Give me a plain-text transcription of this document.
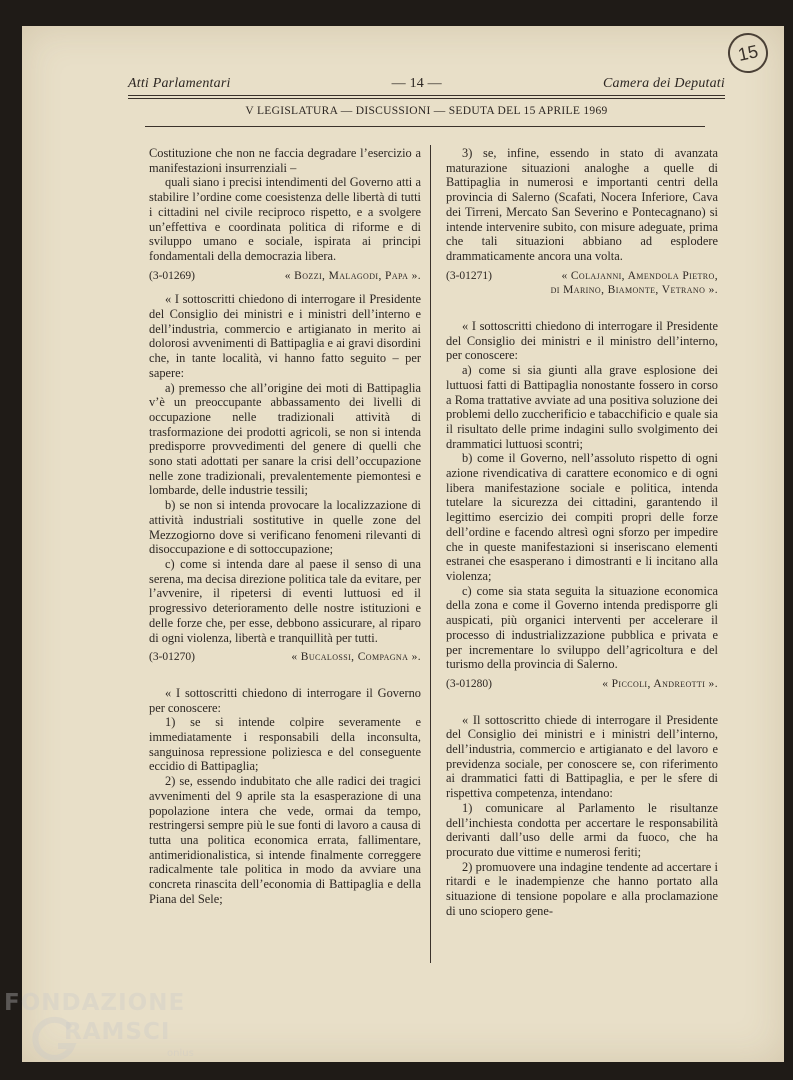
15
Atti Parlamentari	— 14 —	Camera dei Deputati
V LEGISLATURA — DISCUSSIONI — SEDUTA DEL 15 APRILE 1969

Costituzione che non ne faccia degradare l’esercizio a manifestazioni insurrenziali –

quali siano i precisi intendimenti del Governo atti a stabilire l’ordine come coesistenza delle libertà di tutti i cittadini nel civile reciproco rispetto, e a svolgere un’effettiva e coordinata politica di riforme e di sviluppo umano e sociale, ispirata ai principi fondamentali della democrazia libera.

(3-01269)	« Bozzi, Malagodi, Papa ».

« I sottoscritti chiedono di interrogare il Presidente del Consiglio dei ministri e i ministri dell’interno e dell’industria, commercio e artigianato in merito ai dolorosi avvenimenti di Battipaglia e ai gravi disordini che, in tante località, vi hanno fatto seguito – per sapere:

a) premesso che all’origine dei moti di Battipaglia v’è un preoccupante abbassamento dei livelli di occupazione nelle tradizionali attività di trasformazione dei prodotti agricoli, se non si intenda predisporre provvedimenti del genere di quelli che sono stati adottati per sanare la crisi dell’occupazione nelle zone tradizionali, prevalentemente piemontesi e lombarde, delle industrie tessili;

b) se non si intenda provocare la localizzazione di attività industriali sostitutive in quelle zone del Mezzogiorno dove si verificano fenomeni rilevanti di disoccupazione e di sottoccupazione;

c) come si intenda dare al paese il senso di una serena, ma decisa direzione politica tale da evitare, per l’avvenire, il ripetersi di eventi luttuosi ed il progressivo deterioramento delle nostre istituzioni e delle forze che, per esse, debbono assicurare, al riparo di ogni violenza, libertà e tranquillità per tutti.

(3-01270)	« Bucalossi, Compagna ».

« I sottoscritti chiedono di interrogare il Governo per conoscere:

1) se si intende colpire severamente e immediatamente i responsabili della inconsulta, sanguinosa repressione poliziesca e del conseguente eccidio di Battipaglia;

2) se, essendo indubitato che alle radici dei tragici avvenimenti del 9 aprile sta la esasperazione di una popolazione intera che vede, ormai da tempo, restringersi sempre più le sue fonti di lavoro a causa di tutta una politica economica errata, fallimentare, antimeridionalistica, si intende finalmente correggere radicalmente tale politica in modo da avviare una concreta rinascita dell’economia di Battipaglia e della Piana del Sele;

3) se, infine, essendo in stato di avanzata maturazione situazioni analoghe a quelle di Battipaglia in numerosi e importanti centri della provincia di Salerno (Scafati, Nocera Inferiore, Cava dei Tirreni, Mercato San Severino e Pontecagnano) si intende intervenire subito, con misure adeguate, prima che tali situazioni abbiano ad esplodere drammaticamente ancora una volta.

(3-01271)	« Colajanni, Amendola Pietro,
di Marino, Biamonte, Vetrano ».

« I sottoscritti chiedono di interrogare il Presidente del Consiglio dei ministri e il ministro dell’interno, per conoscere:

a) come si sia giunti alla grave esplosione dei luttuosi fatti di Battipaglia nonostante fossero in corso a Roma trattative avviate ad una positiva soluzione dei problemi dello zuccherificio e tabacchificio e quale sia il risultato delle prime indagini sullo svolgimento dei drammatici luttuosi scontri;

b) come il Governo, nell’assoluto rispetto di ogni azione rivendicativa di carattere economico e di ogni libera manifestazione sociale e politica, intenda tutelare la sicurezza dei cittadini, garantendo il legittimo esercizio dei compiti propri delle forze dell’ordine e facendo altresì ogni sforzo per impedire che in queste manifestazioni si inseriscano elementi estranei che esasperano i dimostranti e li incitano alla violenza;

c) come sia stata seguita la situazione economica della zona e come il Governo intenda predisporre gli auspicati, più organici interventi per accelerare il processo di industrializzazione pubblica e privata e per incrementare lo sviluppo dell’agricoltura e del turismo della provincia di Salerno.

(3-01280)	« Piccoli, Andreotti ».

« Il sottoscritto chiede di interrogare il Presidente del Consiglio dei ministri e i ministri dell’interno, dell’industria, commercio e artigianato e del lavoro e previdenza sociale, per conoscere se, con riferimento ai drammatici fatti di Battipaglia, e per le sfere di rispettiva competenza, intendano:

1) comunicare al Parlamento le risultanze dell’inchiesta condotta per accertare le responsabilità derivanti dall’uso delle armi da fuoco, che ha procurato due vittime e numerosi feriti;

2) promuovere una indagine tendente ad accertare i ritardi e le inadempienze che hanno portato alla situazione di tensione popolare e alla proclamazione di uno sciopero gene-

FONDAZIONE
RAMSCI
onlus
